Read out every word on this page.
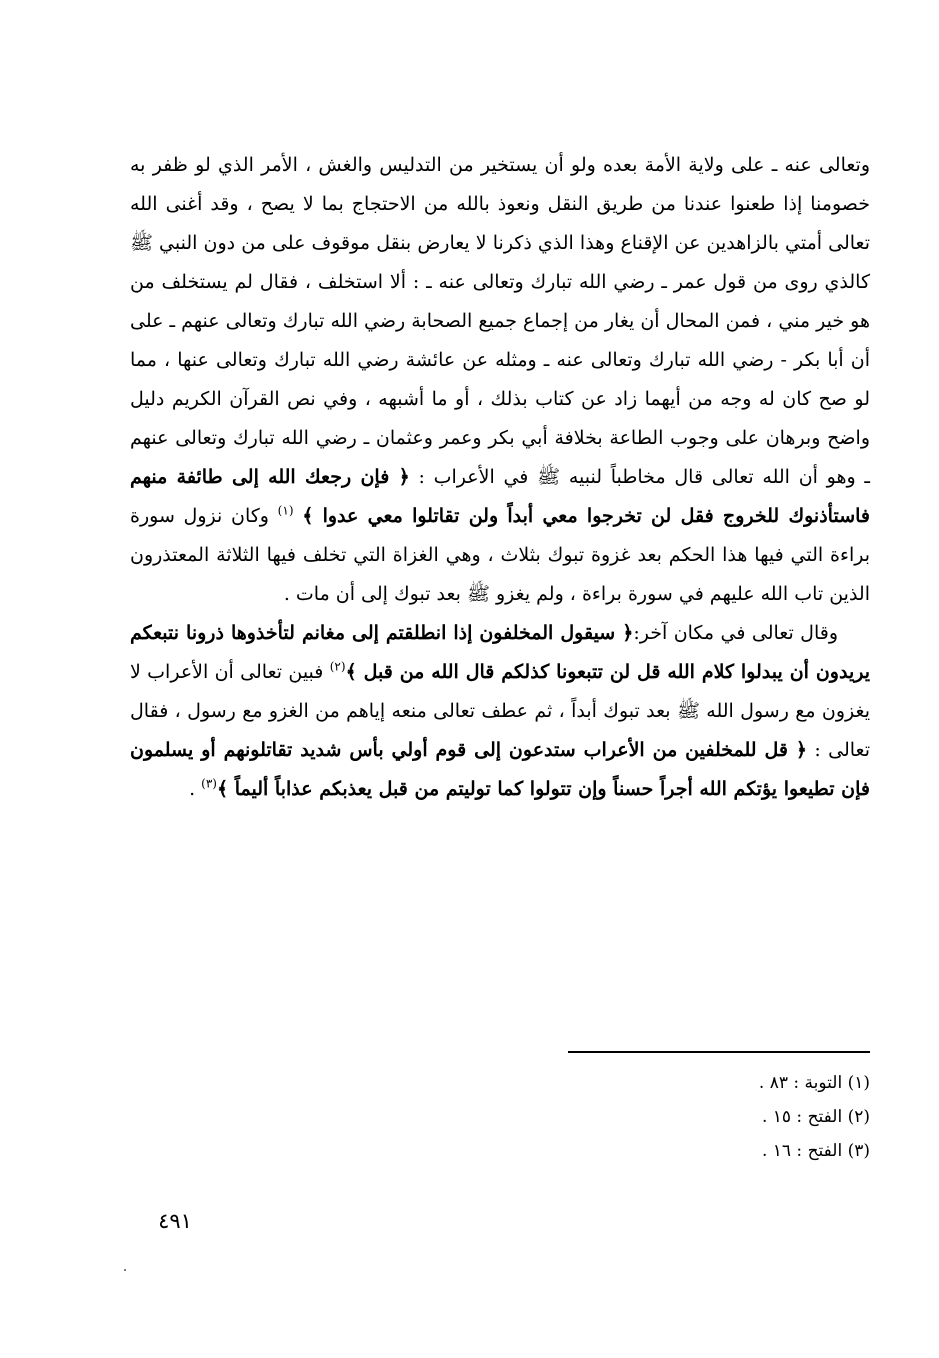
وتعالى عنه ـ على ولاية الأمة بعده ولو أن يستخير من التدليس والغش ، الأمر الذي لو ظفر به خصومنا إذا طعنوا عندنا من طريق النقل ونعوذ بالله من الاحتجاج بما لا يصح ، وقد أغنى الله تعالى أمتي بالزاهدين عن الإقناع وهذا الذي ذكرنا لا يعارض بنقل موقوف على من دون النبي ﷺ كالذي روى من قول عمر ـ رضي الله تبارك وتعالى عنه ـ : ألا استخلف ، فقال لم يستخلف من هو خير مني ، فمن المحال أن يغار من إجماع جميع الصحابة رضي الله تبارك وتعالى عنهم ـ على أن أبا بكر - رضي الله تبارك وتعالى عنه ـ ومثله عن عائشة رضي الله تبارك وتعالى عنها ، مما لو صح كان له وجه من أيهما زاد عن كتاب بذلك ، أو ما أشبهه ، وفي نص القرآن الكريم دليل واضح وبرهان على وجوب الطاعة بخلافة أبي بكر وعمر وعثمان ـ رضي الله تبارك وتعالى عنهم ـ وهو أن الله تعالى قال مخاطباً لنبيه ﷺ في الأعراب : ﴿ فإن رجعك الله إلى طائفة منهم فاستأذنوك للخروج فقل لن تخرجوا معي أبداً ولن تقاتلوا معي عدوا ﴾ $^{(١)}$ وكان نزول سورة براءة التي فيها هذا الحكم بعد غزوة تبوك بثلاث ، وهي الغزاة التي تخلف فيها الثلاثة المعتذرون الذين تاب الله عليهم في سورة براءة ، ولم يغزو ﷺ بعد تبوك إلى أن مات .

وقال تعالى في مكان آخر:﴿ سيقول المخلفون إذا انطلقتم إلى مغانم لتأخذوها ذرونا نتبعكم يريدون أن يبدلوا كلام الله قل لن تتبعونا كذلكم قال الله من قبل ﴾$^{(٢)}$ فبين تعالى أن الأعراب لا يغزون مع رسول الله ﷺ بعد تبوك أبداً ، ثم عطف تعالى منعه إياهم من الغزو مع رسول ، فقال تعالى : ﴿ قل للمخلفين من الأعراب ستدعون إلى قوم أولي بأس شديد تقاتلونهم أو يسلمون فإن تطيعوا يؤتكم الله أجراً حسناً وإن تتولوا كما توليتم من قبل يعذبكم عذاباً أليماً ﴾$^{(٣)}$ .

(١) التوبة : ٨٣ .

(٢) الفتح : ١٥ .

(٣) الفتح : ١٦ .

٤٩١
